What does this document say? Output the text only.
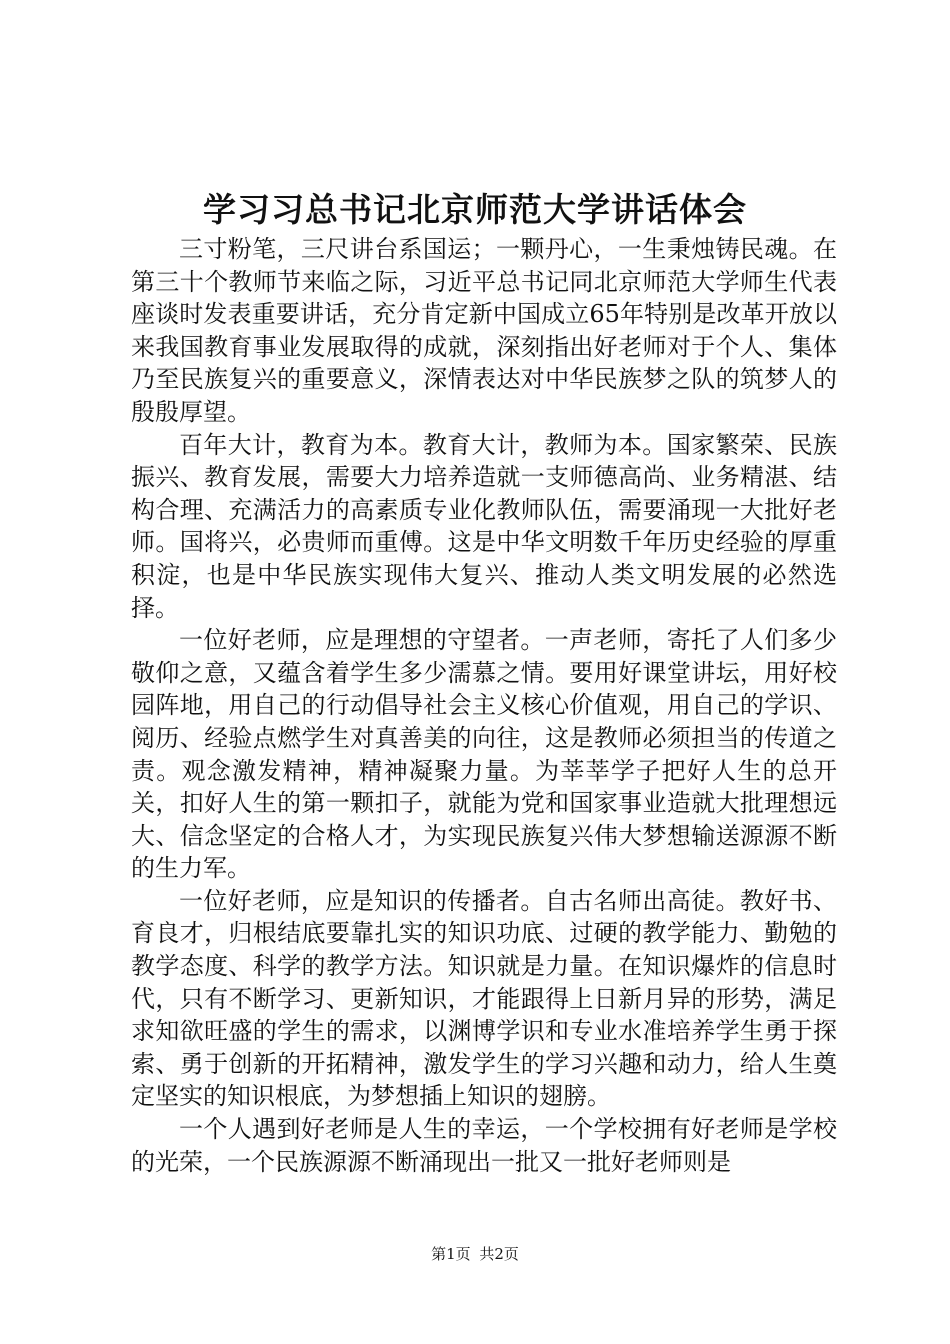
学习习总书记北京师范大学讲话体会

三寸粉笔，三尺讲台系国运；一颗丹心，一生秉烛铸民魂。在第三十个教师节来临之际，习近平总书记同北京师范大学师生代表座谈时发表重要讲话，充分肯定新中国成立65年特别是改革开放以来我国教育事业发展取得的成就，深刻指出好老师对于个人、集体乃至民族复兴的重要意义，深情表达对中华民族梦之队的筑梦人的殷殷厚望。

百年大计，教育为本。教育大计，教师为本。国家繁荣、民族振兴、教育发展，需要大力培养造就一支师德高尚、业务精湛、结构合理、充满活力的高素质专业化教师队伍，需要涌现一大批好老师。国将兴，必贵师而重傅。这是中华文明数千年历史经验的厚重积淀，也是中华民族实现伟大复兴、推动人类文明发展的必然选择。

一位好老师，应是理想的守望者。一声老师，寄托了人们多少敬仰之意，又蕴含着学生多少濡慕之情。要用好课堂讲坛，用好校园阵地，用自己的行动倡导社会主义核心价值观，用自己的学识、阅历、经验点燃学生对真善美的向往，这是教师必须担当的传道之责。观念激发精神，精神凝聚力量。为莘莘学子把好人生的总开关，扣好人生的第一颗扣子，就能为党和国家事业造就大批理想远大、信念坚定的合格人才，为实现民族复兴伟大梦想输送源源不断的生力军。

一位好老师，应是知识的传播者。自古名师出高徒。教好书、育良才，归根结底要靠扎实的知识功底、过硬的教学能力、勤勉的教学态度、科学的教学方法。知识就是力量。在知识爆炸的信息时代，只有不断学习、更新知识，才能跟得上日新月异的形势，满足求知欲旺盛的学生的需求，以渊博学识和专业水准培养学生勇于探索、勇于创新的开拓精神，激发学生的学习兴趣和动力，给人生奠定坚实的知识根底，为梦想插上知识的翅膀。

一个人遇到好老师是人生的幸运，一个学校拥有好老师是学校的光荣，一个民族源源不断涌现出一批又一批好老师则是

第1页 共2页
